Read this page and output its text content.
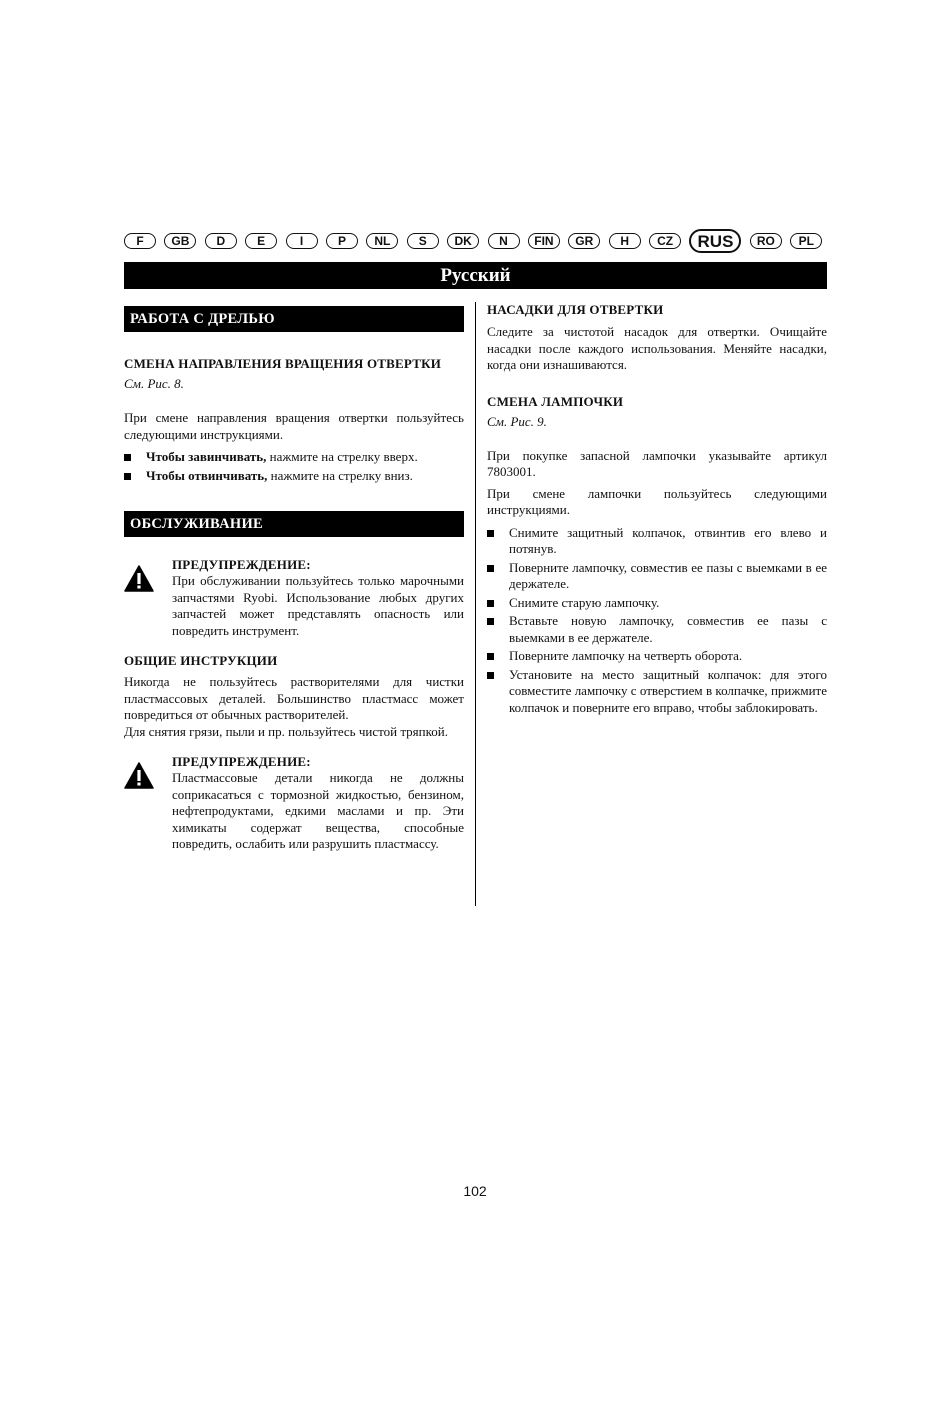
F	GB	D	E	I	P	NL	S	DK	N	FIN	GR	H	CZ	RUS	RO	PL
Русский
РАБОТА С ДРЕЛЬЮ
СМЕНА НАПРАВЛЕНИЯ ВРАЩЕНИЯ ОТВЕРТКИ
См. Рис. 8.

При смене направления вращения отвертки пользуйтесь следующими инструкциями.

Чтобы завинчивать, нажмите на стрелку вверх.
Чтобы отвинчивать, нажмите на стрелку вниз.
ОБСЛУЖИВАНИЕ
ПРЕДУПРЕЖДЕНИЕ:

При обслуживании пользуйтесь только марочными запчастями Ryobi. Использование любых других запчастей может представлять опасность или повредить инструмент.

ОБЩИЕ ИНСТРУКЦИИ

Никогда не пользуйтесь растворителями для чистки пластмассовых деталей. Большинство пластмасс может повредиться от обычных растворителей.

Для снятия грязи, пыли и пр. пользуйтесь чистой тряпкой.

ПРЕДУПРЕЖДЕНИЕ:

Пластмассовые детали никогда не должны соприкасаться с тормозной жидкостью, бензином, нефтепродуктами, едкими маслами и пр. Эти химикаты содержат вещества, способные повредить, ослабить или разрушить пластмассу.

НАСАДКИ ДЛЯ ОТВЕРТКИ

Следите за чистотой насадок для отвертки. Очищайте насадки после каждого использования. Меняйте насадки, когда они изнашиваются.

СМЕНА ЛАМПОЧКИ
См. Рис. 9.

При покупке запасной лампочки указывайте артикул 7803001.

При смене лампочки пользуйтесь следующими инструкциями.

Снимите защитный колпачок, отвинтив его влево и потянув.
Поверните лампочку, совместив ее пазы с выемками в ее держателе.
Снимите старую лампочку.
Вставьте новую лампочку, совместив ее пазы с выемками в ее держателе.
Поверните лампочку на четверть оборота.
Установите на место защитный колпачок: для этого совместите лампочку с отверстием в колпачке, прижмите колпачок и поверните его вправо, чтобы заблокировать.
102
